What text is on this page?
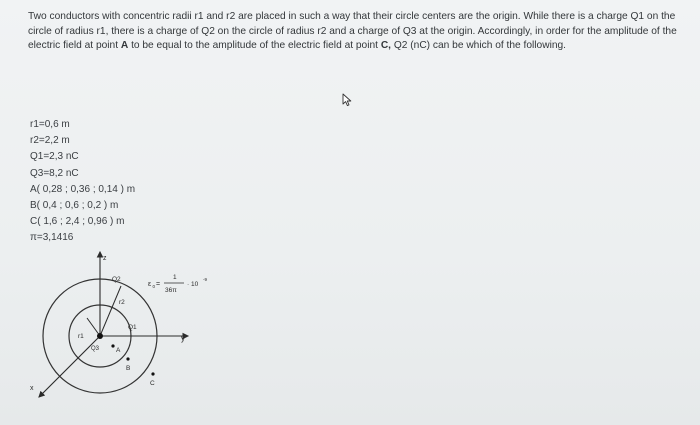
Two conductors with concentric radii r1 and r2 are placed in such a way that their circle centers are the origin. While there is a charge Q1 on the circle of radius r1, there is a charge of Q2 on the circle of radius r2 and a charge of Q3 at the origin. Accordingly, in order for the amplitude of the electric field at point A to be equal to the amplitude of the electric field at point C, Q2 (nC) can be which of the following.
r1=0,6 m
r2=2,2 m
Q1=2,3 nC
Q3=8,2 nC
A( 0,28 ; 0,36 ; 0,14 ) m
B( 0,4 ; 0,6 ; 0,2 ) m
C( 1,6 ; 2,4 ; 0,96 ) m
π=3,1416
z
y
x
Q2
r2
Q1
r1
Q3	A
B
C
ε 0 =
1
36π
· 10
-9
